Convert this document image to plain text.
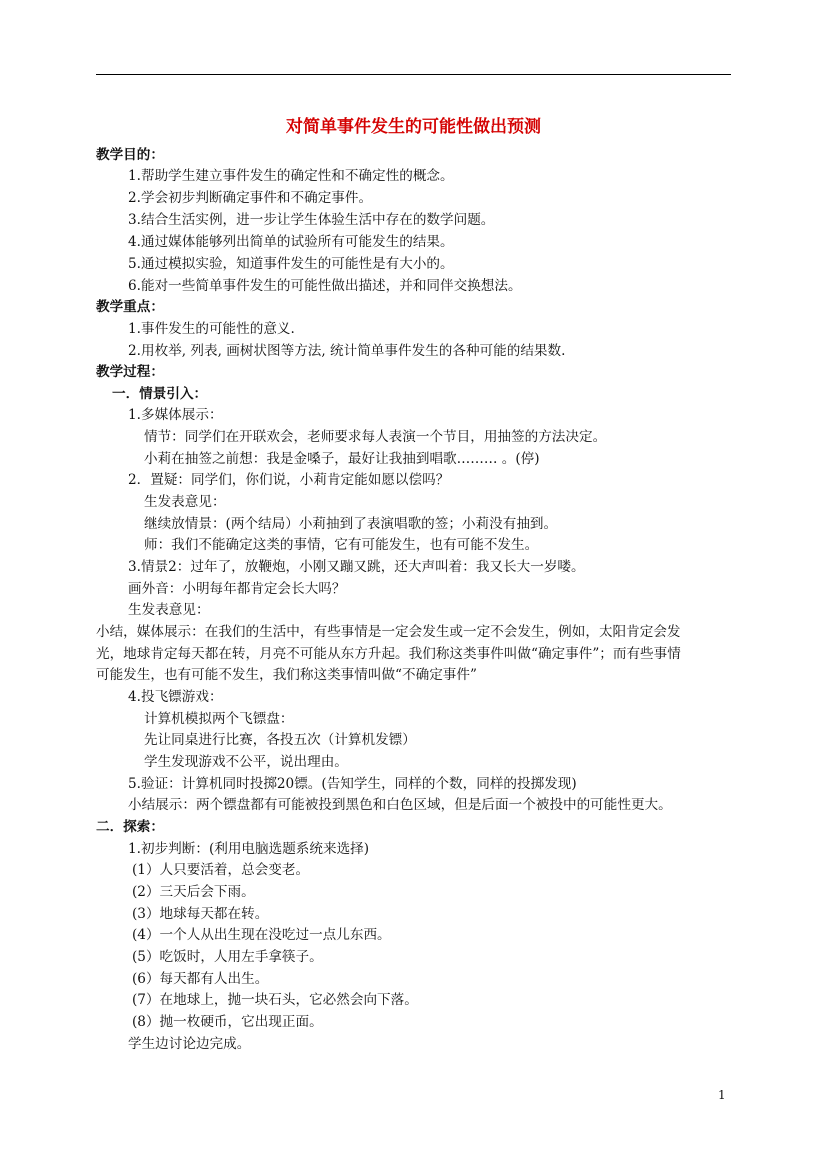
对简单事件发生的可能性做出预测
教学目的：
1.帮助学生建立事件发生的确定性和不确定性的概念。
2.学会初步判断确定事件和不确定事件。
3.结合生活实例，进一步让学生体验生活中存在的数学问题。
4.通过媒体能够列出简单的试验所有可能发生的结果。
5.通过模拟实验，知道事件发生的可能性是有大小的。
6.能对一些简单事件发生的可能性做出描述，并和同伴交换想法。
教学重点：
1.事件发生的可能性的意义.
2.用枚举, 列表, 画树状图等方法, 统计简单事件发生的各种可能的结果数.
教学过程：
一．情景引入：
1.多媒体展示：
情节：同学们在开联欢会，老师要求每人表演一个节目，用抽签的方法决定。
小莉在抽签之前想：我是金嗓子，最好让我抽到唱歌……… 。(停)
2．置疑：同学们，你们说，小莉肯定能如愿以偿吗？
生发表意见：
继续放情景：(两个结局）小莉抽到了表演唱歌的签；小莉没有抽到。
师：我们不能确定这类的事情，它有可能发生，也有可能不发生。
3.情景2：过年了，放鞭炮，小刚又蹦又跳，还大声叫着：我又长大一岁喽。
画外音：小明每年都肯定会长大吗？
生发表意见：
小结，媒体展示：在我们的生活中，有些事情是一定会发生或一定不会发生，例如，太阳肯定会发
光，地球肯定每天都在转，月亮不可能从东方升起。我们称这类事件叫做“确定事件”；而有些事情
可能发生，也有可能不发生，我们称这类事情叫做“不确定事件”
4.投飞镖游戏：
计算机模拟两个飞镖盘：
先让同桌进行比赛，各投五次（计算机发镖）
学生发现游戏不公平，说出理由。
5.验证：计算机同时投掷20镖。(告知学生，同样的个数，同样的投掷发现)
小结展示：两个镖盘都有可能被投到黑色和白色区域，但是后面一个被投中的可能性更大。
二．探索：
1.初步判断：(利用电脑选题系统来选择)
(1）人只要活着，总会变老。
(2）三天后会下雨。
(3）地球每天都在转。
(4）一个人从出生现在没吃过一点儿东西。
(5）吃饭时，人用左手拿筷子。
(6）每天都有人出生。
(7）在地球上，抛一块石头，它必然会向下落。
(8）抛一枚硬币，它出现正面。
学生边讨论边完成。
1
